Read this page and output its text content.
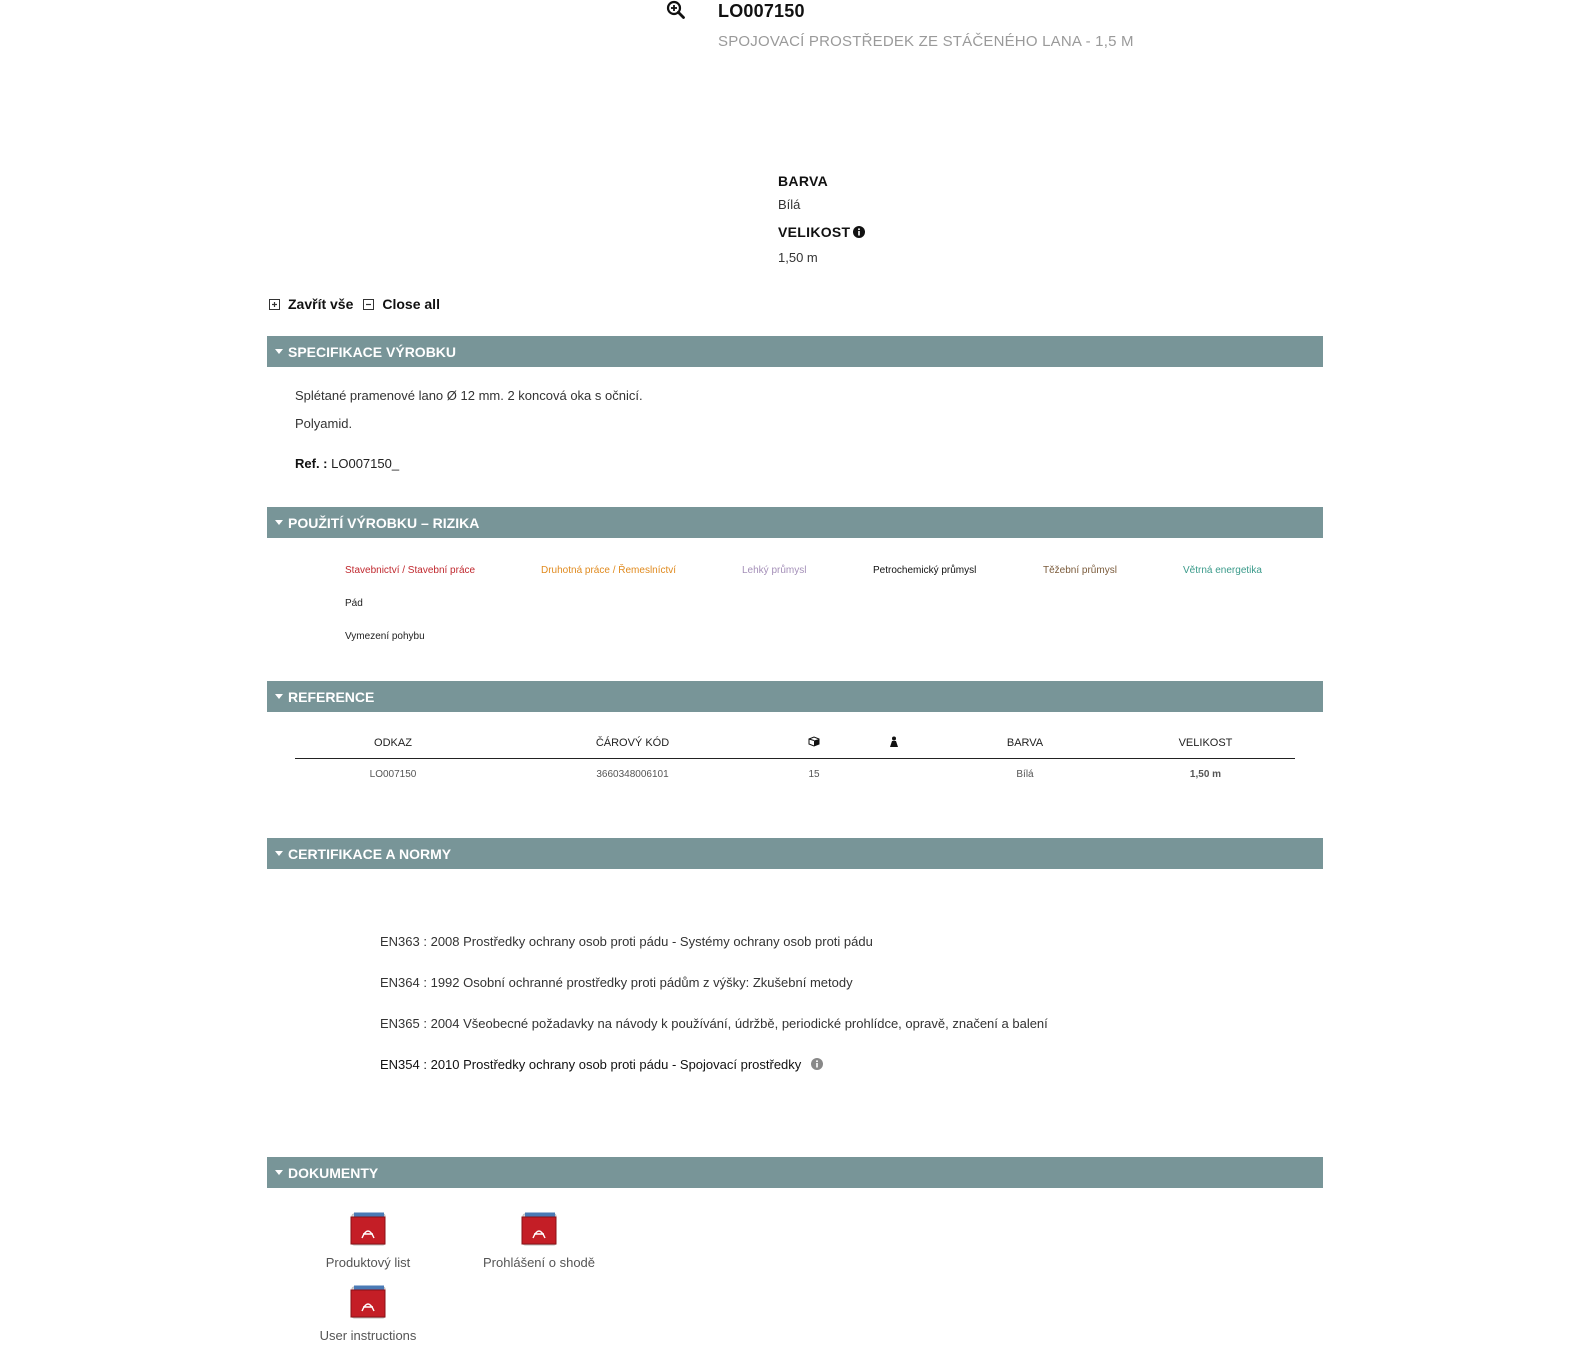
LO007150
SPOJOVACÍ PROSTŘEDEK ZE STÁČENÉHO LANA - 1,5 M
BARVA
Bílá
VELIKOST
1,50 m
Zavřít vše Close all
SPECIFIKACE VÝROBKU
Splétané pramenové lano Ø 12 mm. 2 koncová oka s očnicí.
Polyamid.
Ref. : LO007150_
POUŽITÍ VÝROBKU – RIZIKA
Stavebnictví / Stavební práce	Druhotná práce / Řemeslníctví	Lehký průmysl	Petrochemický průmysl	Těžební průmysl	Větrná energetika
Pád
Vymezení pohybu
REFERENCE
ODKAZ	ČÁROVÝ KÓD			BARVA	VELIKOST
LO007150	3660348006101	15		Bílá	1,50 m
CERTIFIKACE A NORMY
EN363 : 2008 Prostředky ochrany osob proti pádu - Systémy ochrany osob proti pádu
EN364 : 1992 Osobní ochranné prostředky proti pádům z výšky: Zkušební metody
EN365 : 2004 Všeobecné požadavky na návody k používání, údržbě, periodické prohlídce, opravě, značení a balení
EN354 : 2010 Prostředky ochrany osob proti pádu - Spojovací prostředky
DOKUMENTY
Produktový list	Prohlášení o shodě
User instructions
